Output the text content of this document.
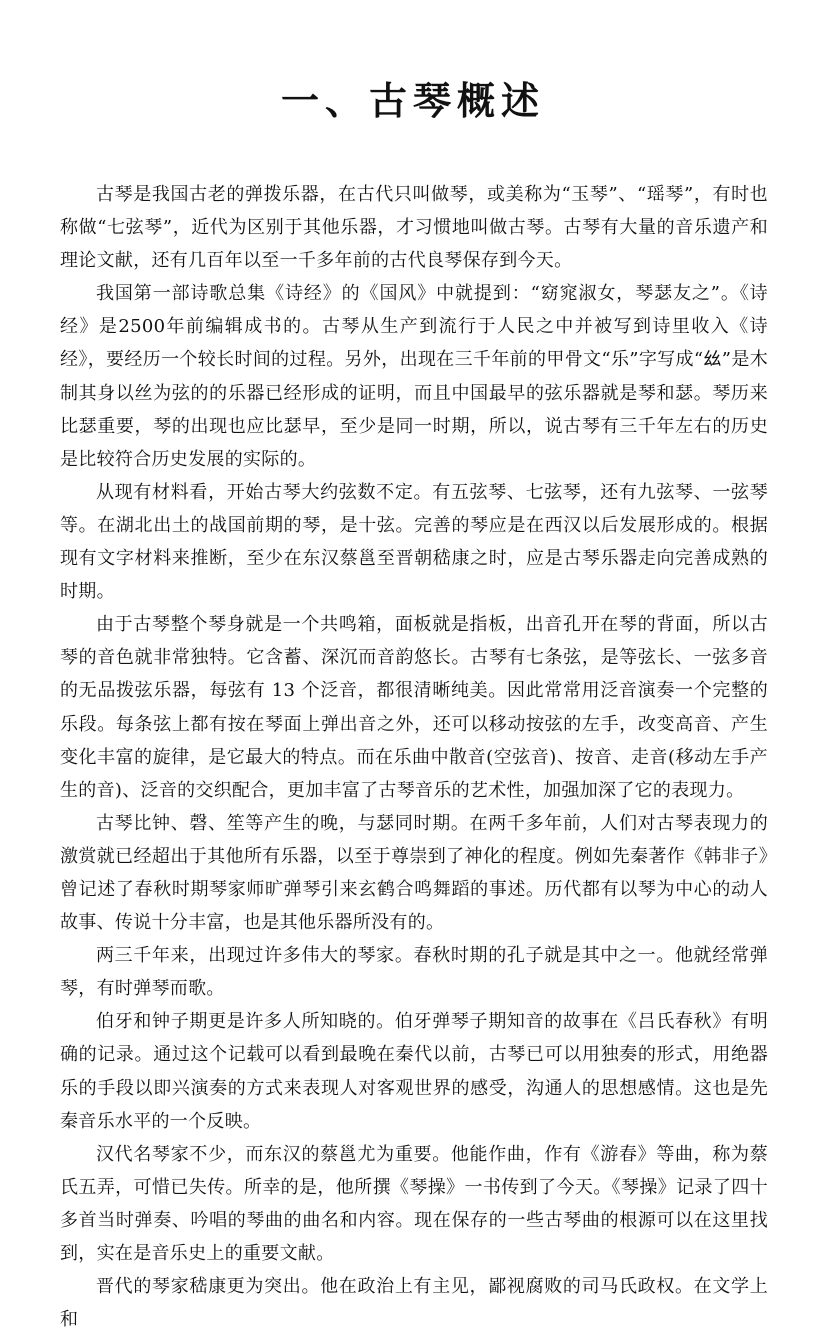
一、古琴概述

古琴是我国古老的弹拨乐器，在古代只叫做琴，或美称为“玉琴”、“瑶琴”，有时也称做“七弦琴”，近代为区别于其他乐器，才习惯地叫做古琴。古琴有大量的音乐遗产和理论文献，还有几百年以至一千多年前的古代良琴保存到今天。

我国第一部诗歌总集《诗经》的《国风》中就提到：“窈窕淑女，琴瑟友之”。《诗经》是2500年前编辑成书的。古琴从生产到流行于人民之中并被写到诗里收入《诗经》，要经历一个较长时间的过程。另外，出现在三千年前的甲骨文“乐”字写成“𢆶”是木制其身以丝为弦的的乐器已经形成的证明，而且中国最早的弦乐器就是琴和瑟。琴历来比瑟重要，琴的出现也应比瑟早，至少是同一时期，所以，说古琴有三千年左右的历史是比较符合历史发展的实际的。

从现有材料看，开始古琴大约弦数不定。有五弦琴、七弦琴，还有九弦琴、一弦琴等。在湖北出土的战国前期的琴，是十弦。完善的琴应是在西汉以后发展形成的。根据现有文字材料来推断，至少在东汉蔡邕至晋朝嵇康之时，应是古琴乐器走向完善成熟的时期。

由于古琴整个琴身就是一个共鸣箱，面板就是指板，出音孔开在琴的背面，所以古琴的音色就非常独特。它含蓄、深沉而音韵悠长。古琴有七条弦，是等弦长、一弦多音的无品拨弦乐器，每弦有 13 个泛音，都很清晰纯美。因此常常用泛音演奏一个完整的乐段。每条弦上都有按在琴面上弹出音之外，还可以移动按弦的左手，改变高音、产生变化丰富的旋律，是它最大的特点。而在乐曲中散音(空弦音)、按音、走音(移动左手产生的音)、泛音的交织配合，更加丰富了古琴音乐的艺术性，加强加深了它的表现力。

古琴比钟、磬、笙等产生的晚，与瑟同时期。在两千多年前，人们对古琴表现力的激赏就已经超出于其他所有乐器，以至于尊崇到了神化的程度。例如先秦著作《韩非子》曾记述了春秋时期琴家师旷弹琴引来玄鹤合鸣舞蹈的事述。历代都有以琴为中心的动人故事、传说十分丰富，也是其他乐器所没有的。

两三千年来，出现过许多伟大的琴家。春秋时期的孔子就是其中之一。他就经常弹琴，有时弹琴而歌。

伯牙和钟子期更是许多人所知晓的。伯牙弹琴子期知音的故事在《吕氏春秋》有明确的记录。通过这个记载可以看到最晚在秦代以前，古琴已可以用独奏的形式，用绝器乐的手段以即兴演奏的方式来表现人对客观世界的感受，沟通人的思想感情。这也是先秦音乐水平的一个反映。

汉代名琴家不少，而东汉的蔡邕尤为重要。他能作曲，作有《游春》等曲，称为蔡氏五弄，可惜已失传。所幸的是，他所撰《琴操》一书传到了今天。《琴操》记录了四十多首当时弹奏、吟唱的琴曲的曲名和内容。现在保存的一些古琴曲的根源可以在这里找到，实在是音乐史上的重要文献。

晋代的琴家嵇康更为突出。他在政治上有主见，鄙视腐败的司马氏政权。在文学上和
